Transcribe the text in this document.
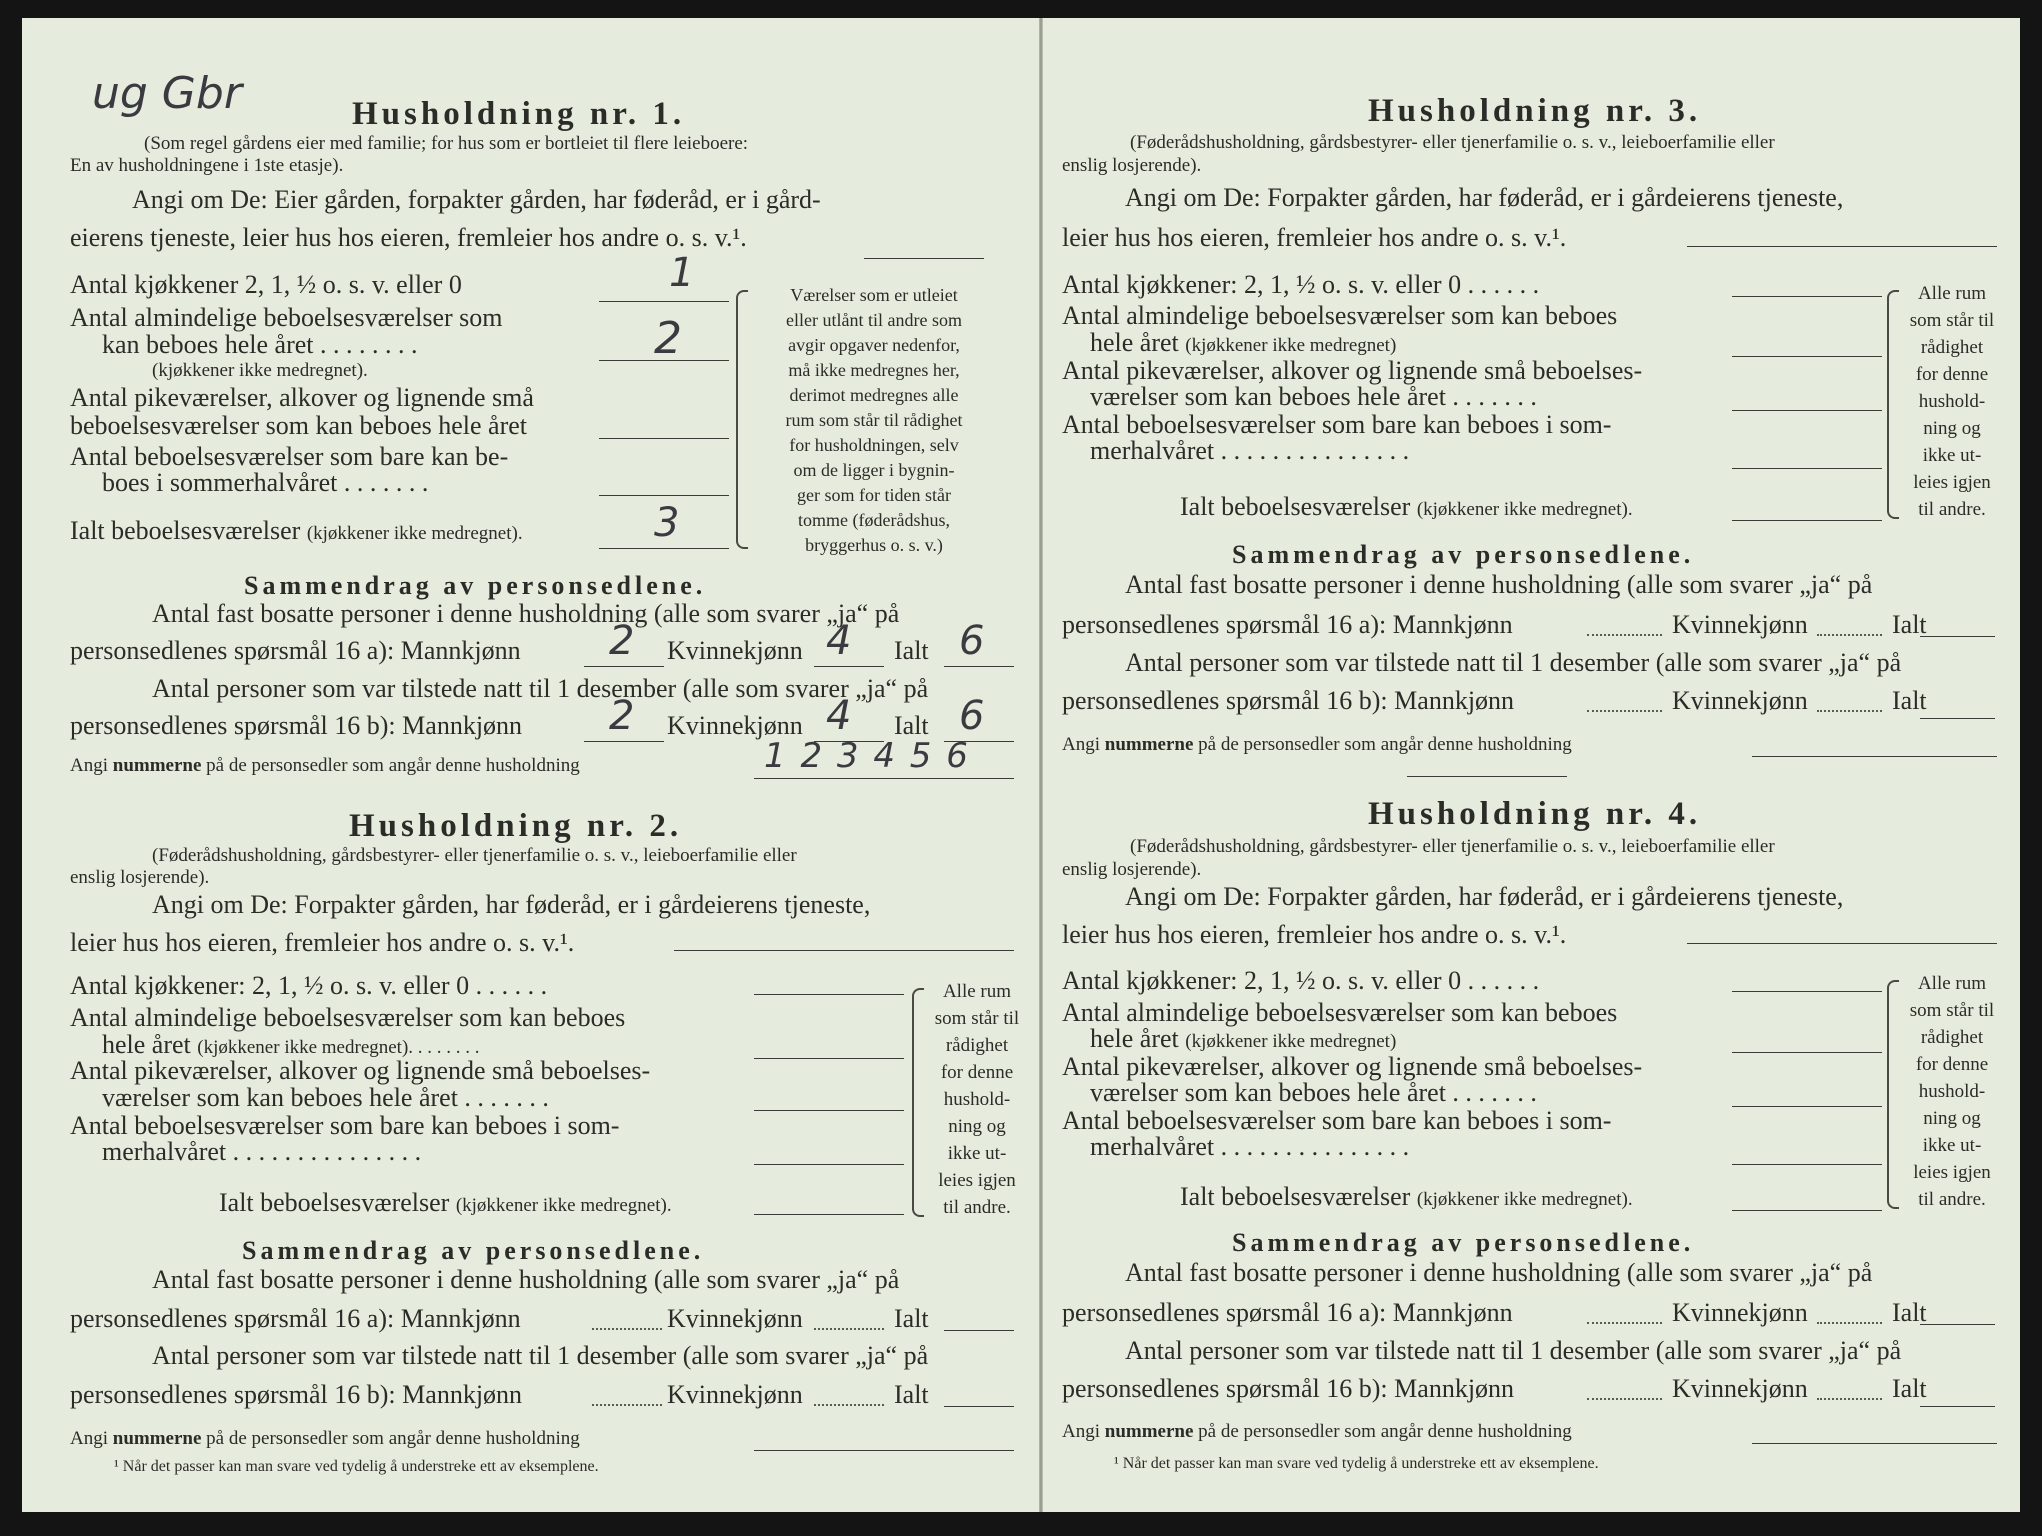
ug Gbr	Husholdning nr. 1.
(Som regel gårdens eier med familie; for hus som er bortleiet til flere leieboere:
En av husholdningene i 1ste etasje).
Angi om De: Eier gården, forpakter gården, har føderåd, er i gård-
eierens tjeneste, leier hus hos eieren, fremleier hos andre o. s. v.¹.
Antal kjøkkener 2, 1, ½ o. s. v. eller 0	1
Antal almindelige beboelsesværelser som
kan beboes hele året . . . . . . . .
(kjøkkener ikke medregnet).
2
Antal pikeværelser, alkover og lignende små
beboelsesværelser som kan beboes hele året
Antal beboelsesværelser som bare kan be-
boes i sommerhalvåret . . . . . . .
Ialt beboelsesværelser (kjøkkener ikke medregnet).	3
Værelser som er utleiet
eller utlånt til andre som
avgir opgaver nedenfor,
må ikke medregnes her,
derimot medregnes alle
rum som står til rådighet
for husholdningen, selv
om de ligger i bygnin-
ger som for tiden står
tomme (føderådshus,
bryggerhus o. s. v.)
Sammendrag av personsedlene.
Antal fast bosatte personer i denne husholdning (alle som svarer „ja“ på
personsedlenes spørsmål 16 a): Mannkjønn 2 Kvinnekjønn 4 Ialt 6
Antal personer som var tilstede natt til 1 desember (alle som svarer „ja“ på
personsedlenes spørsmål 16 b): Mannkjønn 2 Kvinnekjønn 4 Ialt 6
Angi nummerne på de personsedler som angår denne husholdning	1 2 3 4 5 6
Husholdning nr. 2.
(Føderådshusholdning, gårdsbestyrer- eller tjenerfamilie o. s. v., leieboerfamilie eller
enslig losjerende).
Angi om De: Forpakter gården, har føderåd, er i gårdeierens tjeneste,
leier hus hos eieren, fremleier hos andre o. s. v.¹.
Antal kjøkkener: 2, 1, ½ o. s. v. eller 0 . . . . . .
Antal almindelige beboelsesværelser som kan beboes
hele året (kjøkkener ikke medregnet). . . . . . . .
Antal pikeværelser, alkover og lignende små beboelses-
værelser som kan beboes hele året . . . . . . .
Antal beboelsesværelser som bare kan beboes i som-
merhalvåret . . . . . . . . . . . . . . .
Ialt beboelsesværelser (kjøkkener ikke medregnet).
Alle rum
som står til
rådighet
for denne
hushold-
ning og
ikke ut-
leies igjen
til andre.
Sammendrag av personsedlene.
Antal fast bosatte personer i denne husholdning (alle som svarer „ja“ på
personsedlenes spørsmål 16 a): Mannkjønn	Kvinnekjønn	Ialt
Antal personer som var tilstede natt til 1 desember (alle som svarer „ja“ på
personsedlenes spørsmål 16 b): Mannkjønn	Kvinnekjønn	Ialt
Angi nummerne på de personsedler som angår denne husholdning
¹ Når det passer kan man svare ved tydelig å understreke ett av eksemplene.
Husholdning nr. 3.
(Føderådshusholdning, gårdsbestyrer- eller tjenerfamilie o. s. v., leieboerfamilie eller
enslig losjerende).
Angi om De: Forpakter gården, har føderåd, er i gårdeierens tjeneste,
leier hus hos eieren, fremleier hos andre o. s. v.¹.
Antal kjøkkener: 2, 1, ½ o. s. v. eller 0 . . . . . .
Antal almindelige beboelsesværelser som kan beboes
hele året (kjøkkener ikke medregnet)
Antal pikeværelser, alkover og lignende små beboelses-
værelser som kan beboes hele året . . . . . . .
Antal beboelsesværelser som bare kan beboes i som-
merhalvåret . . . . . . . . . . . . . . .
Ialt beboelsesværelser (kjøkkener ikke medregnet).
Alle rum
som står til
rådighet
for denne
hushold-
ning og
ikke ut-
leies igjen
til andre.
Sammendrag av personsedlene.
Antal fast bosatte personer i denne husholdning (alle som svarer „ja“ på
personsedlenes spørsmål 16 a): Mannkjønn	Kvinnekjønn	Ialt
Antal personer som var tilstede natt til 1 desember (alle som svarer „ja“ på
personsedlenes spørsmål 16 b): Mannkjønn	Kvinnekjønn	Ialt
Angi nummerne på de personsedler som angår denne husholdning
Husholdning nr. 4.
(Føderådshusholdning, gårdsbestyrer- eller tjenerfamilie o. s. v., leieboerfamilie eller
enslig losjerende).
Angi om De: Forpakter gården, har føderåd, er i gårdeierens tjeneste,
leier hus hos eieren, fremleier hos andre o. s. v.¹.
Antal kjøkkener: 2, 1, ½ o. s. v. eller 0 . . . . . .
Antal almindelige beboelsesværelser som kan beboes
hele året (kjøkkener ikke medregnet)
Antal pikeværelser, alkover og lignende små beboelses-
værelser som kan beboes hele året . . . . . . .
Antal beboelsesværelser som bare kan beboes i som-
merhalvåret . . . . . . . . . . . . . . .
Ialt beboelsesværelser (kjøkkener ikke medregnet).
Alle rum
som står til
rådighet
for denne
hushold-
ning og
ikke ut-
leies igjen
til andre.
Sammendrag av personsedlene.
Antal fast bosatte personer i denne husholdning (alle som svarer „ja“ på
personsedlenes spørsmål 16 a): Mannkjønn	Kvinnekjønn	Ialt
Antal personer som var tilstede natt til 1 desember (alle som svarer „ja“ på
personsedlenes spørsmål 16 b): Mannkjønn	Kvinnekjønn	Ialt
Angi nummerne på de personsedler som angår denne husholdning
¹ Når det passer kan man svare ved tydelig å understreke ett av eksemplene.
